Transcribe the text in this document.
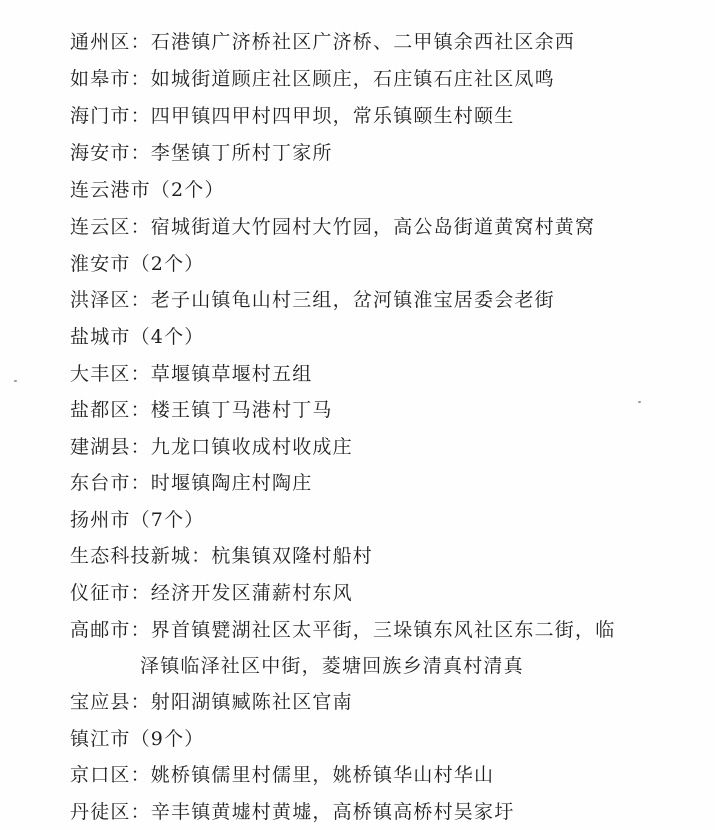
通州区：石港镇广济桥社区广济桥、二甲镇余西社区余西
如皋市：如城街道顾庄社区顾庄，石庄镇石庄社区凤鸣
海门市：四甲镇四甲村四甲坝，常乐镇颐生村颐生
海安市：李堡镇丁所村丁家所
连云港市（2个）
连云区：宿城街道大竹园村大竹园，高公岛街道黄窝村黄窝
淮安市（2个）
洪泽区：老子山镇龟山村三组，岔河镇淮宝居委会老街
盐城市（4个）
大丰区：草堰镇草堰村五组
盐都区：楼王镇丁马港村丁马
建湖县：九龙口镇收成村收成庄
东台市：时堰镇陶庄村陶庄
扬州市（7个）
生态科技新城：杭集镇双隆村船村
仪征市：经济开发区蒲薪村东风
高邮市：界首镇甓湖社区太平街，三垛镇东风社区东二街，临
泽镇临泽社区中街，菱塘回族乡清真村清真
宝应县：射阳湖镇臧陈社区官南
镇江市（9个）
京口区：姚桥镇儒里村儒里，姚桥镇华山村华山
丹徒区：辛丰镇黄墟村黄墟，高桥镇高桥村吴家圩
